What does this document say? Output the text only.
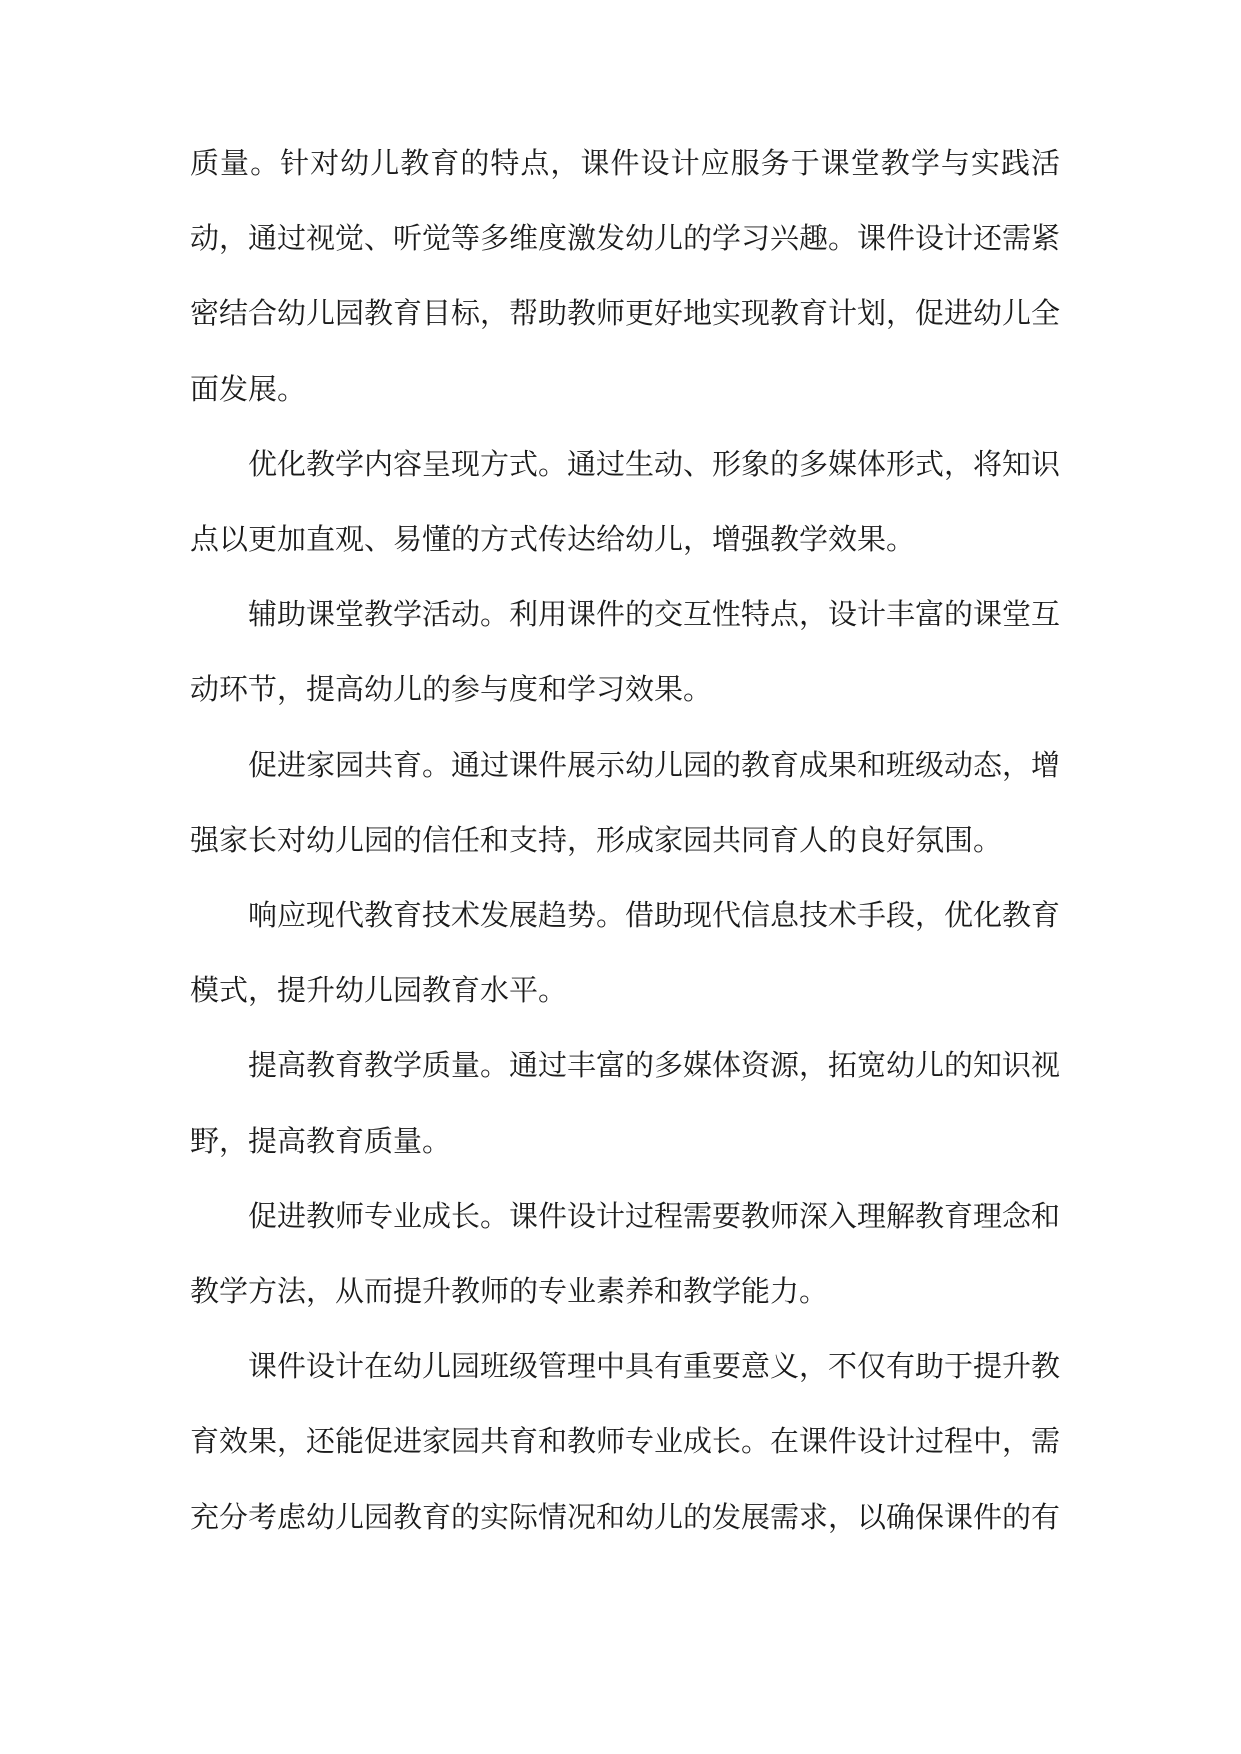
质量。针对幼儿教育的特点，课件设计应服务于课堂教学与实践活动，通过视觉、听觉等多维度激发幼儿的学习兴趣。课件设计还需紧密结合幼儿园教育目标，帮助教师更好地实现教育计划，促进幼儿全面发展。

优化教学内容呈现方式。通过生动、形象的多媒体形式，将知识点以更加直观、易懂的方式传达给幼儿，增强教学效果。

辅助课堂教学活动。利用课件的交互性特点，设计丰富的课堂互动环节，提高幼儿的参与度和学习效果。

促进家园共育。通过课件展示幼儿园的教育成果和班级动态，增强家长对幼儿园的信任和支持，形成家园共同育人的良好氛围。

响应现代教育技术发展趋势。借助现代信息技术手段，优化教育模式，提升幼儿园教育水平。

提高教育教学质量。通过丰富的多媒体资源，拓宽幼儿的知识视野，提高教育质量。

促进教师专业成长。课件设计过程需要教师深入理解教育理念和教学方法，从而提升教师的专业素养和教学能力。

课件设计在幼儿园班级管理中具有重要意义，不仅有助于提升教育效果，还能促进家园共育和教师专业成长。在课件设计过程中，需充分考虑幼儿园教育的实际情况和幼儿的发展需求，以确保课件的有
